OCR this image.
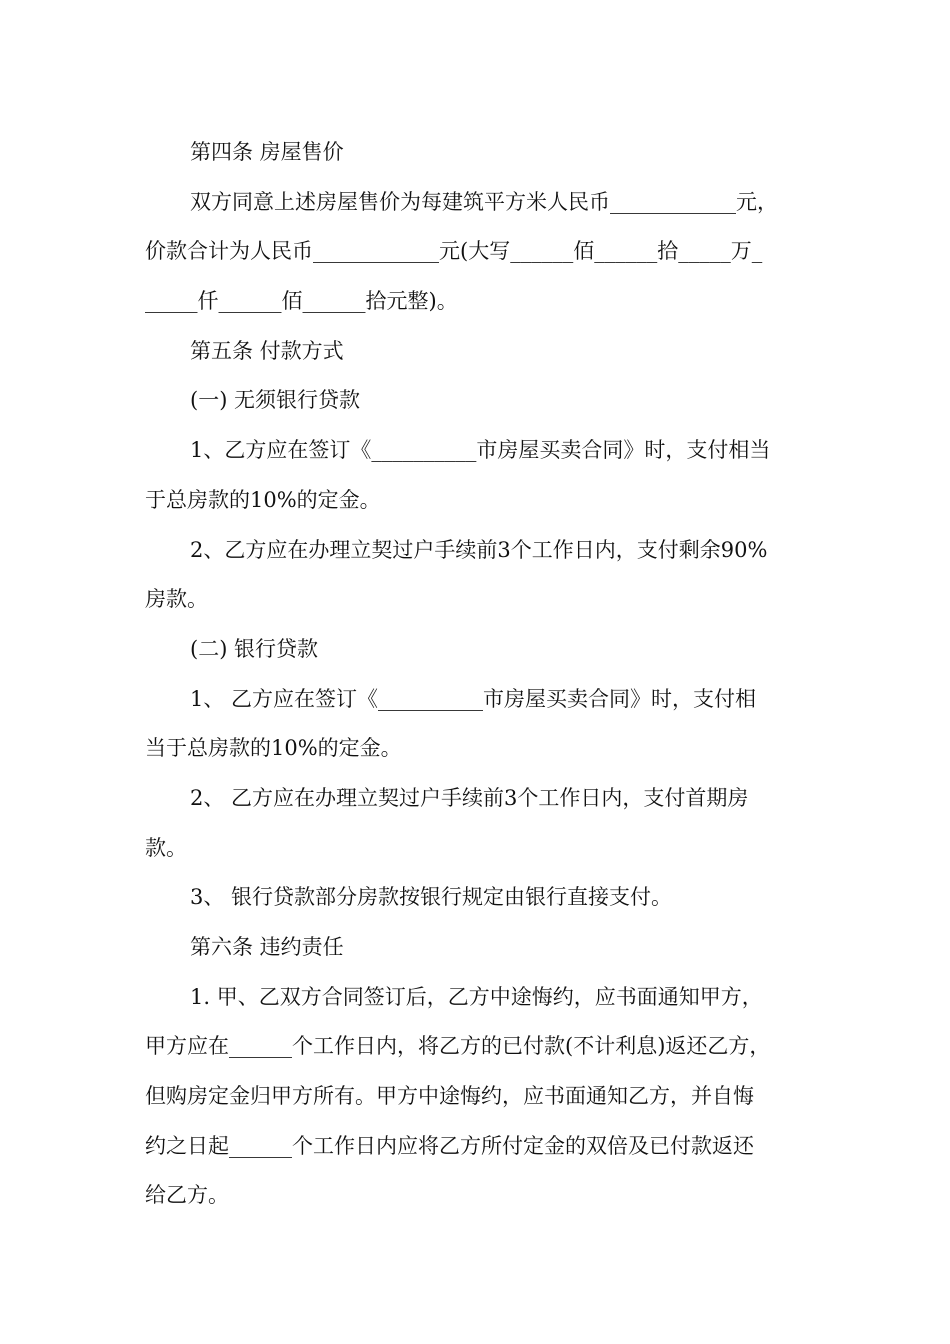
第四条 房屋售价
双方同意上述房屋售价为每建筑平方米人民币____________元，
价款合计为人民币____________元(大写______佰______拾_____万_
_____仟______佰______拾元整)。
第五条 付款方式
(一) 无须银行贷款
1、乙方应在签订《__________市房屋买卖合同》时，支付相当
于总房款的10%的定金。
2、乙方应在办理立契过户手续前3个工作日内，支付剩余90%
房款。
(二) 银行贷款
1、 乙方应在签订《__________市房屋买卖合同》时，支付相
当于总房款的10%的定金。
2、 乙方应在办理立契过户手续前3个工作日内，支付首期房
款。
3、 银行贷款部分房款按银行规定由银行直接支付。
第六条 违约责任
1. 甲、乙双方合同签订后，乙方中途悔约，应书面通知甲方，
甲方应在______个工作日内，将乙方的已付款(不计利息)返还乙方，
但购房定金归甲方所有。甲方中途悔约，应书面通知乙方，并自悔
约之日起______个工作日内应将乙方所付定金的双倍及已付款返还
给乙方。
